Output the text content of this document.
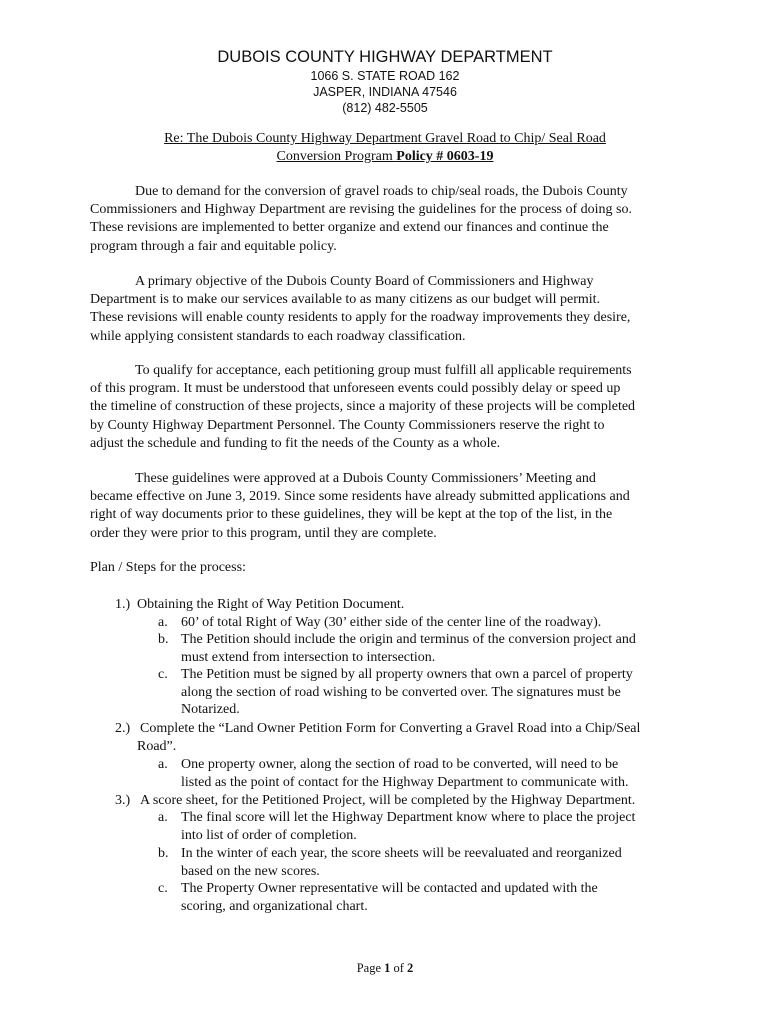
DUBOIS COUNTY HIGHWAY DEPARTMENT

1066 S. STATE ROAD 162

JASPER, INDIANA 47546

(812) 482-5505

Re: The Dubois County Highway Department Gravel Road to Chip/ Seal Road

Conversion Program Policy # 0603-19

Due to demand for the conversion of gravel roads to chip/seal roads, the Dubois County
Commissioners and Highway Department are revising the guidelines for the process of doing so.
These revisions are implemented to better organize and extend our finances and continue the
program through a fair and equitable policy.
A primary objective of the Dubois County Board of Commissioners and Highway
Department is to make our services available to as many citizens as our budget will permit.
These revisions will enable county residents to apply for the roadway improvements they desire,
while applying consistent standards to each roadway classification.
To qualify for acceptance, each petitioning group must fulfill all applicable requirements
of this program. It must be understood that unforeseen events could possibly delay or speed up
the timeline of construction of these projects, since a majority of these projects will be completed
by County Highway Department Personnel. The County Commissioners reserve the right to
adjust the schedule and funding to fit the needs of the County as a whole.
These guidelines were approved at a Dubois County Commissioners’ Meeting and
became effective on June 3, 2019. Since some residents have already submitted applications and
right of way documents prior to these guidelines, they will be kept at the top of the list, in the
order they were prior to this program, until they are complete.

Plan / Steps for the process:

1.) Obtaining the Right of Way Petition Document.
a. 60’ of total Right of Way (30’ either side of the center line of the roadway).
b. The Petition should include the origin and terminus of the conversion project and
must extend from intersection to intersection.
c. The Petition must be signed by all property owners that own a parcel of property
along the section of road wishing to be converted over. The signatures must be
Notarized.
2.) Complete the “Land Owner Petition Form for Converting a Gravel Road into a Chip/Seal
Road”.
a. One property owner, along the section of road to be converted, will need to be
listed as the point of contact for the Highway Department to communicate with.
3.) A score sheet, for the Petitioned Project, will be completed by the Highway Department.
a. The final score will let the Highway Department know where to place the project
into list of order of completion.
b. In the winter of each year, the score sheets will be reevaluated and reorganized
based on the new scores.
c. The Property Owner representative will be contacted and updated with the
scoring, and organizational chart.

Page 1 of 2
